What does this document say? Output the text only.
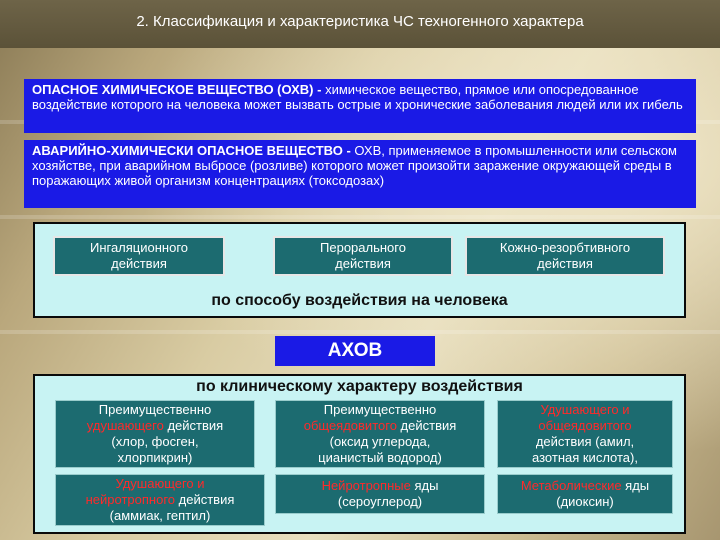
2. Классификация и характеристика ЧС техногенного характера
ОПАСНОЕ ХИМИЧЕСКОЕ ВЕЩЕСТВО (ОХВ) - химическое вещество, прямое или опосредованное воздействие которого на человека может вызвать острые и хронические заболевания людей или их гибель
АВАРИЙНО-ХИМИЧЕСКИ ОПАСНОЕ ВЕЩЕСТВО - ОХВ, применяемое в промышленности или сельском хозяйстве, при аварийном выбросе (розливе) которого может произойти заражение окружающей среды в поражающих живой организм концентрациях (токсодозах)
Ингаляционного
действия
Перорального
действия
Кожно-резорбтивного
действия
по способу воздействия на человека
АХОВ
по клиническому характеру воздействия
Преимущественно
удушающего действия
(хлор, фосген,
хлорпикрин)
Преимущественно
общеядовитого действия
(оксид углерода,
цианистый водород)
Удушающего и
общеядовитого
действия (амил,
азотная кислота),
Удушающего и
нейротропного действия
(аммиак, гептил)
Нейротропные яды
(сероуглерод)
Метаболические яды
(диоксин)
